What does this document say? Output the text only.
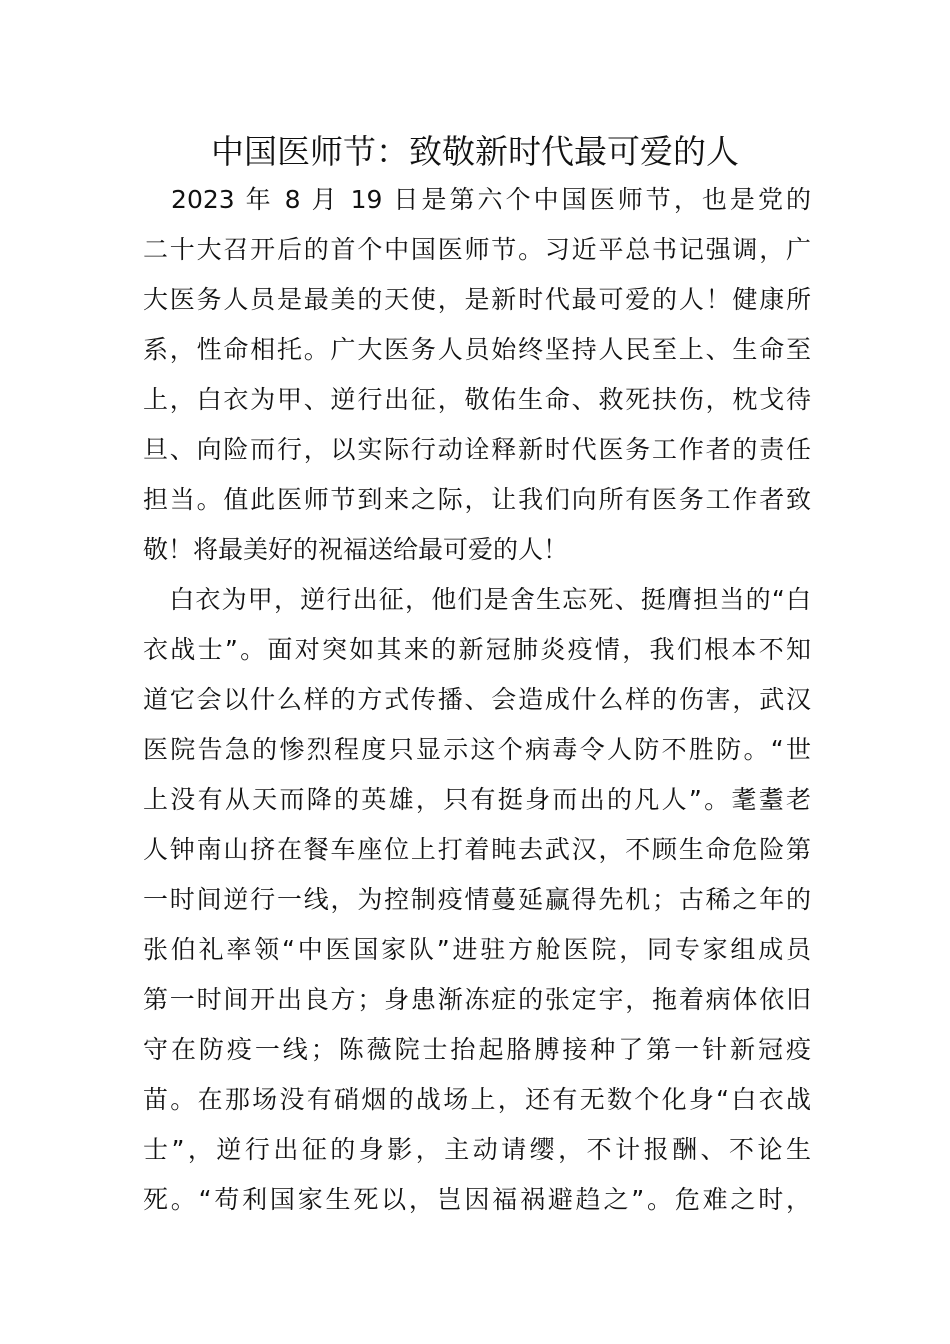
中国医师节：致敬新时代最可爱的人
　2023 年 8 月 19 日是第六个中国医师节，也是党的
二十大召开后的首个中国医师节。习近平总书记强调，广
大医务人员是最美的天使，是新时代最可爱的人！健康所
系，性命相托。广大医务人员始终坚持人民至上、生命至
上，白衣为甲、逆行出征，敬佑生命、救死扶伤，枕戈待
旦、向险而行，以实际行动诠释新时代医务工作者的责任
担当。值此医师节到来之际，让我们向所有医务工作者致
敬！将最美好的祝福送给最可爱的人！
　白衣为甲，逆行出征，他们是舍生忘死、挺膺担当的“白
衣战士”。面对突如其来的新冠肺炎疫情，我们根本不知
道它会以什么样的方式传播、会造成什么样的伤害，武汉
医院告急的惨烈程度只显示这个病毒令人防不胜防。“世
上没有从天而降的英雄，只有挺身而出的凡人”。耄耋老
人钟南山挤在餐车座位上打着盹去武汉，不顾生命危险第
一时间逆行一线，为控制疫情蔓延赢得先机；古稀之年的
张伯礼率领“中医国家队”进驻方舱医院，同专家组成员
第一时间开出良方；身患渐冻症的张定宇，拖着病体依旧
守在防疫一线；陈薇院士抬起胳膊接种了第一针新冠疫
苗。在那场没有硝烟的战场上，还有无数个化身“白衣战
士”，逆行出征的身影，主动请缨，不计报酬、不论生
死。“苟利国家生死以，岂因福祸避趋之”。危难之时，
